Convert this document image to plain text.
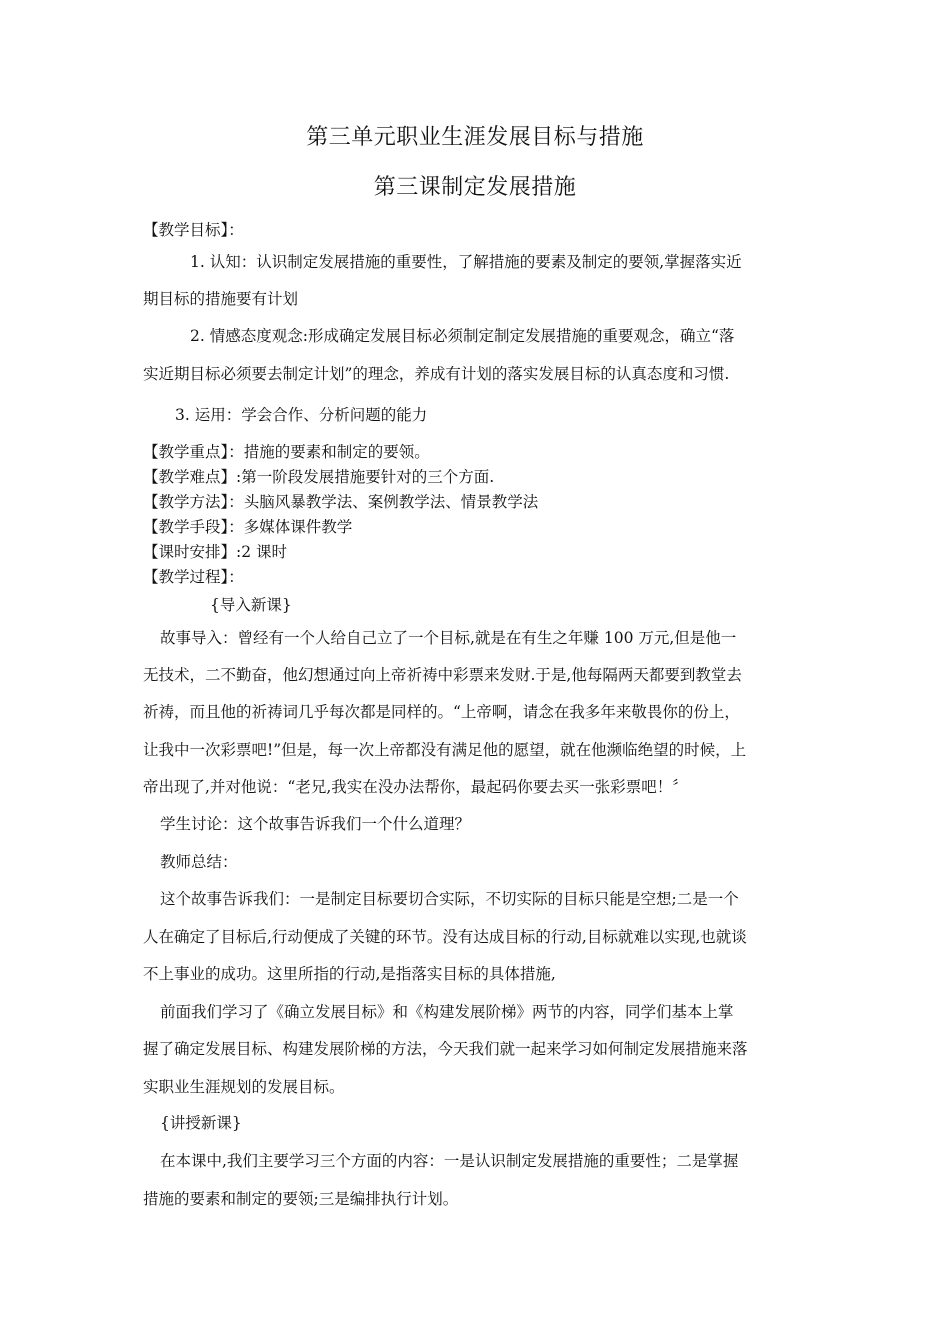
第三单元职业生涯发展目标与措施
第三课制定发展措施
【教学目标】：
1. 认知：认识制定发展措施的重要性，了解措施的要素及制定的要领,掌握落实近
期目标的措施要有计划
2. 情感态度观念:形成确定发展目标必须制定制定发展措施的重要观念，确立“落
实近期目标必须要去制定计划”的理念，养成有计划的落实发展目标的认真态度和习惯.
3. 运用：学会合作、分析问题的能力
【教学重点】：措施的要素和制定的要领。
【教学难点】:第一阶段发展措施要针对的三个方面.
【教学方法】：头脑风暴教学法、案例教学法、情景教学法
【教学手段】：多媒体课件教学
【课时安排】:2 课时
【教学过程】：
{导入新课}
故事导入：曾经有一个人给自己立了一个目标,就是在有生之年赚 100 万元,但是他一
无技术，二不勤奋，他幻想通过向上帝祈祷中彩票来发财.于是,他每隔两天都要到教堂去
祈祷，而且他的祈祷词几乎每次都是同样的。“上帝啊，请念在我多年来敬畏你的份上，
让我中一次彩票吧!”但是，每一次上帝都没有满足他的愿望，就在他濒临绝望的时候，上
帝出现了,并对他说：“老兄,我实在没办法帮你，最起码你要去买一张彩票吧！〞
学生讨论：这个故事告诉我们一个什么道理？
教师总结：
这个故事告诉我们：一是制定目标要切合实际，不切实际的目标只能是空想;二是一个
人在确定了目标后,行动便成了关键的环节。没有达成目标的行动,目标就难以实现,也就谈
不上事业的成功。这里所指的行动,是指落实目标的具体措施,
前面我们学习了《确立发展目标》和《构建发展阶梯》两节的内容，同学们基本上掌
握了确定发展目标、构建发展阶梯的方法，今天我们就一起来学习如何制定发展措施来落
实职业生涯规划的发展目标。
{讲授新课}
在本课中,我们主要学习三个方面的内容：一是认识制定发展措施的重要性；二是掌握
措施的要素和制定的要领;三是编排执行计划。
